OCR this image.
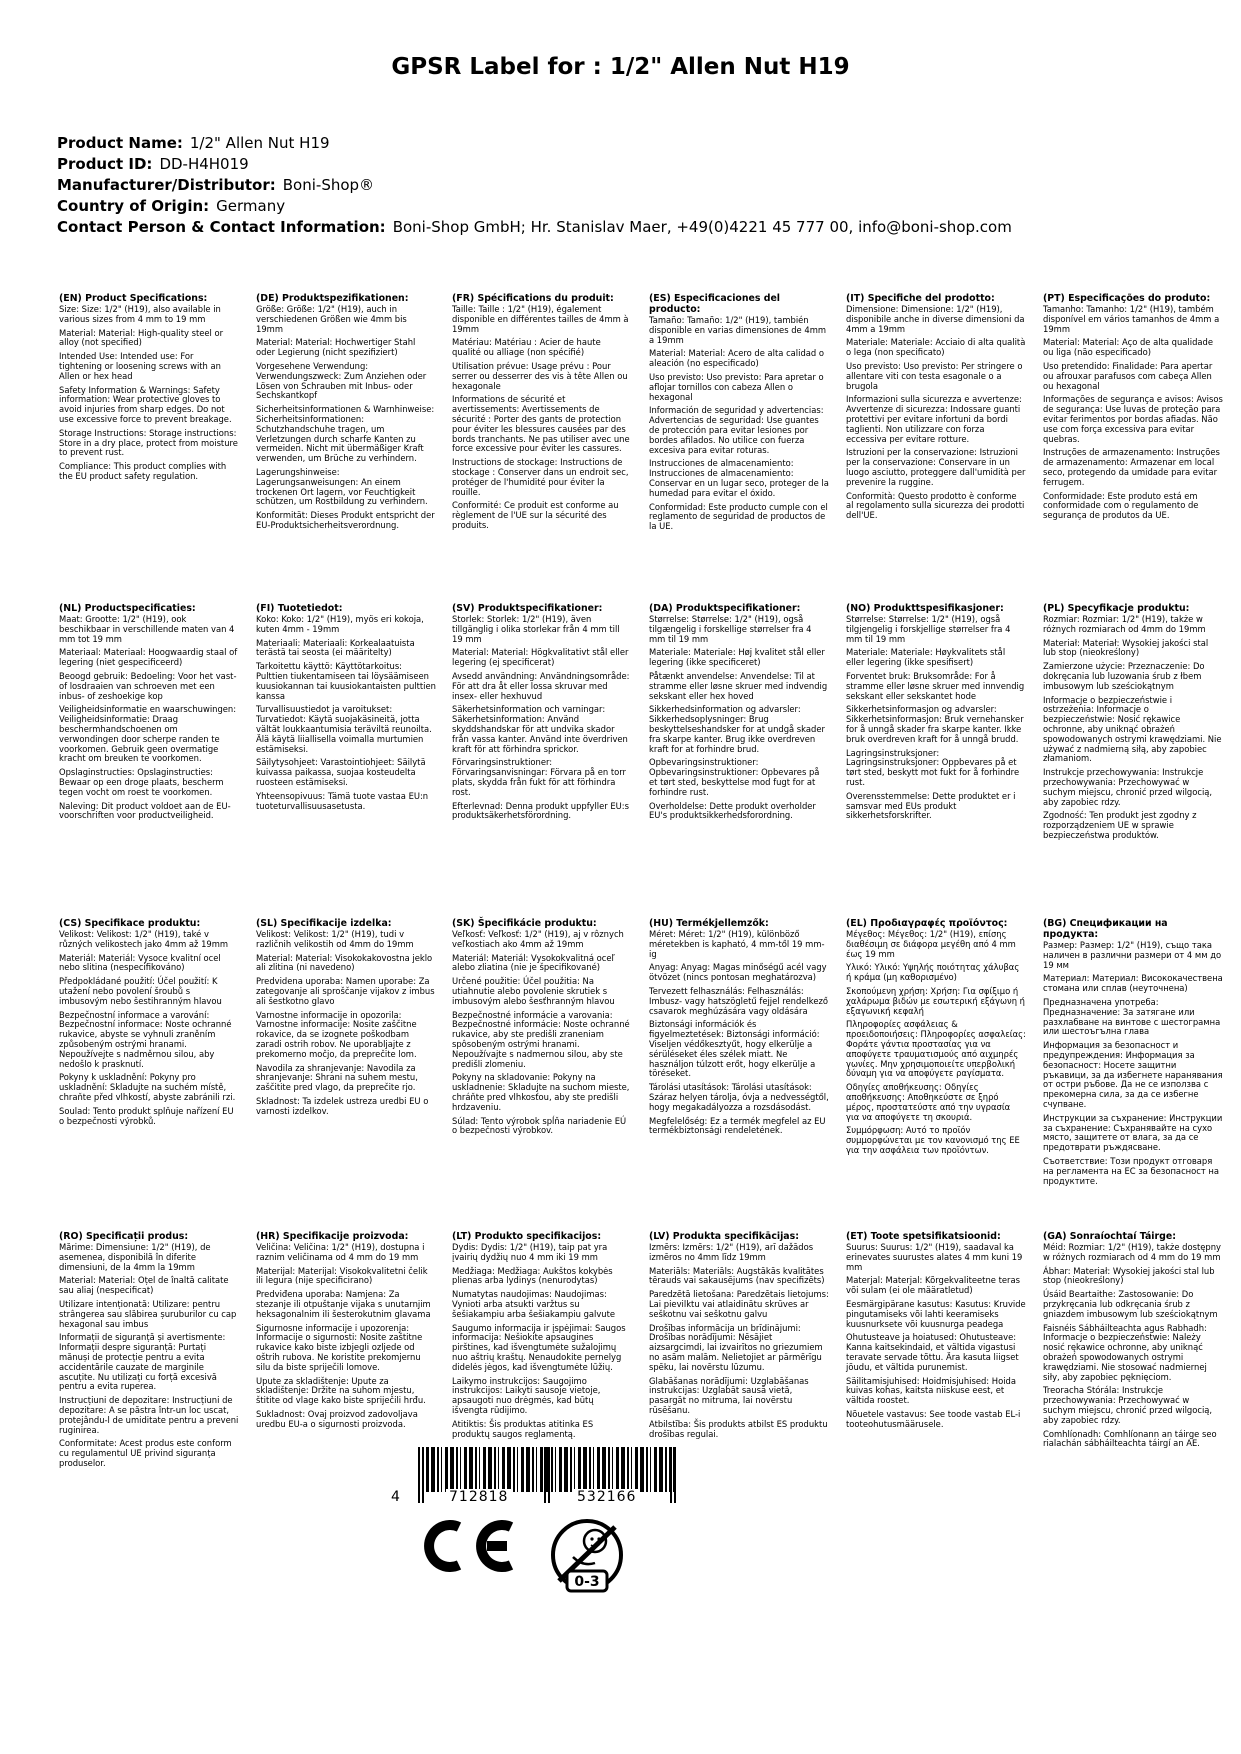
GPSR Label for : 1/2" Allen Nut H19
Product Name: 1/2" Allen Nut H19
Product ID: DD-H4H019
Manufacturer/Distributor: Boni-Shop®
Country of Origin: Germany
Contact Person & Contact Information: Boni-Shop GmbH; Hr. Stanislav Maer, +49(0)4221 45 777 00, info@boni-shop.com
(EN) Product Specifications:

Size: Size: 1/2" (H19), also available in various sizes from 4 mm to 19 mm

Material: Material: High-quality steel or alloy (not specified)

Intended Use: Intended use: For tightening or loosening screws with an Allen or hex head

Safety Information & Warnings: Safety information: Wear protective gloves to avoid injuries from sharp edges. Do not use excessive force to prevent breakage.

Storage Instructions: Storage instructions: Store in a dry place, protect from moisture to prevent rust.

Compliance: This product complies with the EU product safety regulation.

(DE) Produktspezifikationen:

Größe: Größe: 1/2" (H19), auch in verschiedenen Größen wie 4mm bis 19mm

Material: Material: Hochwertiger Stahl oder Legierung (nicht spezifiziert)

Vorgesehene Verwendung: Verwendungszweck: Zum Anziehen oder Lösen von Schrauben mit Inbus- oder Sechskantkopf

Sicherheitsinformationen & Warnhinweise: Sicherheitsinformationen: Schutzhandschuhe tragen, um Verletzungen durch scharfe Kanten zu vermeiden. Nicht mit übermäßiger Kraft verwenden, um Brüche zu verhindern.

Lagerungshinweise: Lagerungsanweisungen: An einem trockenen Ort lagern, vor Feuchtigkeit schützen, um Rostbildung zu verhindern.

Konformität: Dieses Produkt entspricht der EU-Produktsicherheitsverordnung.

(FR) Spécifications du produit:

Taille: Taille : 1/2" (H19), également disponible en différentes tailles de 4mm à 19mm

Matériau: Matériau : Acier de haute qualité ou alliage (non spécifié)

Utilisation prévue: Usage prévu : Pour serrer ou desserrer des vis à tête Allen ou hexagonale

Informations de sécurité et avertissements: Avertissements de sécurité : Porter des gants de protection pour éviter les blessures causées par des bords tranchants. Ne pas utiliser avec une force excessive pour éviter les cassures.

Instructions de stockage: Instructions de stockage : Conserver dans un endroit sec, protéger de l'humidité pour éviter la rouille.

Conformité: Ce produit est conforme au règlement de l'UE sur la sécurité des produits.

(ES) Especificaciones del producto:

Tamaño: Tamaño: 1/2" (H19), también disponible en varias dimensiones de 4mm a 19mm

Material: Material: Acero de alta calidad o aleación (no especificado)

Uso previsto: Uso previsto: Para apretar o aflojar tornillos con cabeza Allen o hexagonal

Información de seguridad y advertencias: Advertencias de seguridad: Use guantes de protección para evitar lesiones por bordes afilados. No utilice con fuerza excesiva para evitar roturas.

Instrucciones de almacenamiento: Instrucciones de almacenamiento: Conservar en un lugar seco, proteger de la humedad para evitar el óxido.

Conformidad: Este producto cumple con el reglamento de seguridad de productos de la UE.

(IT) Specifiche del prodotto:

Dimensione: Dimensione: 1/2" (H19), disponibile anche in diverse dimensioni da 4mm a 19mm

Materiale: Materiale: Acciaio di alta qualità o lega (non specificato)

Uso previsto: Uso previsto: Per stringere o allentare viti con testa esagonale o a brugola

Informazioni sulla sicurezza e avvertenze: Avvertenze di sicurezza: Indossare guanti protettivi per evitare infortuni da bordi taglienti. Non utilizzare con forza eccessiva per evitare rotture.

Istruzioni per la conservazione: Istruzioni per la conservazione: Conservare in un luogo asciutto, proteggere dall'umidità per prevenire la ruggine.

Conformità: Questo prodotto è conforme al regolamento sulla sicurezza dei prodotti dell'UE.

(PT) Especificações do produto:

Tamanho: Tamanho: 1/2" (H19), também disponível em vários tamanhos de 4mm a 19mm

Material: Material: Aço de alta qualidade ou liga (não especificado)

Uso pretendido: Finalidade: Para apertar ou afrouxar parafusos com cabeça Allen ou hexagonal

Informações de segurança e avisos: Avisos de segurança: Use luvas de proteção para evitar ferimentos por bordas afiadas. Não use com força excessiva para evitar quebras.

Instruções de armazenamento: Instruções de armazenamento: Armazenar em local seco, protegendo da umidade para evitar ferrugem.

Conformidade: Este produto está em conformidade com o regulamento de segurança de produtos da UE.

(NL) Productspecificaties:

Maat: Grootte: 1/2" (H19), ook beschikbaar in verschillende maten van 4 mm tot 19 mm

Materiaal: Materiaal: Hoogwaardig staal of legering (niet gespecificeerd)

Beoogd gebruik: Bedoeling: Voor het vast- of losdraaien van schroeven met een inbus- of zeshoekige kop

Veiligheidsinformatie en waarschuwingen: Veiligheidsinformatie: Draag beschermhandschoenen om verwondingen door scherpe randen te voorkomen. Gebruik geen overmatige kracht om breuken te voorkomen.

Opslaginstructies: Opslaginstructies: Bewaar op een droge plaats, bescherm tegen vocht om roest te voorkomen.

Naleving: Dit product voldoet aan de EU-voorschriften voor productveiligheid.

(FI) Tuotetiedot:

Koko: Koko: 1/2" (H19), myös eri kokoja, kuten 4mm - 19mm

Materiaali: Materiaali: Korkealaatuista terästä tai seosta (ei määritelty)

Tarkoitettu käyttö: Käyttötarkoitus: Pulttien tiukentamiseen tai löysäämiseen kuusiokannan tai kuusiokantaisten pulttien kanssa

Turvallisuustiedot ja varoitukset: Turvatiedot: Käytä suojakäsineitä, jotta vältät loukkaantumisia teräviltä reunoilta. Älä käytä liiallisella voimalla murtumien estämiseksi.

Säilytysohjeet: Varastointiohjeet: Säilytä kuivassa paikassa, suojaa kosteudelta ruosteen estämiseksi.

Yhteensopivuus: Tämä tuote vastaa EU:n tuoteturvallisuusasetusta.

(SV) Produktspecifikationer:

Storlek: Storlek: 1/2" (H19), även tillgänglig i olika storlekar från 4 mm till 19 mm

Material: Material: Högkvalitativt stål eller legering (ej specificerat)

Avsedd användning: Användningsområde: För att dra åt eller lossa skruvar med insex- eller hexhuvud

Säkerhetsinformation och varningar: Säkerhetsinformation: Använd skyddshandskar för att undvika skador från vassa kanter. Använd inte överdriven kraft för att förhindra sprickor.

Förvaringsinstruktioner: Förvaringsanvisningar: Förvara på en torr plats, skydda från fukt för att förhindra rost.

Efterlevnad: Denna produkt uppfyller EU:s produktsäkerhetsförordning.

(DA) Produktspecifikationer:

Størrelse: Størrelse: 1/2" (H19), også tilgængelig i forskellige størrelser fra 4 mm til 19 mm

Materiale: Materiale: Høj kvalitet stål eller legering (ikke specificeret)

Påtænkt anvendelse: Anvendelse: Til at stramme eller løsne skruer med indvendig sekskant eller hex hoved

Sikkerhedsinformation og advarsler: Sikkerhedsoplysninger: Brug beskyttelseshandsker for at undgå skader fra skarpe kanter. Brug ikke overdreven kraft for at forhindre brud.

Opbevaringsinstruktioner: Opbevaringsinstruktioner: Opbevares på et tørt sted, beskyttelse mod fugt for at forhindre rust.

Overholdelse: Dette produkt overholder EU's produktsikkerhedsforordning.

(NO) Produkttspesifikasjoner:

Størrelse: Størrelse: 1/2" (H19), også tilgjengelig i forskjellige størrelser fra 4 mm til 19 mm

Materiale: Materiale: Høykvalitets stål eller legering (ikke spesifisert)

Forventet bruk: Bruksområde: For å stramme eller løsne skruer med innvendig sekskant eller sekskantet hode

Sikkerhetsinformasjon og advarsler: Sikkerhetsinformasjon: Bruk vernehansker for å unngå skader fra skarpe kanter. Ikke bruk overdreven kraft for å unngå brudd.

Lagringsinstruksjoner: Lagringsinstruksjoner: Oppbevares på et tørt sted, beskytt mot fukt for å forhindre rust.

Overensstemmelse: Dette produktet er i samsvar med EUs produkt sikkerhetsforskrifter.

(PL) Specyfikacje produktu:

Rozmiar: Rozmiar: 1/2" (H19), także w różnych rozmiarach od 4mm do 19mm

Materiał: Materiał: Wysokiej jakości stal lub stop (nieokreślony)

Zamierzone użycie: Przeznaczenie: Do dokręcania lub luzowania śrub z łbem imbusowym lub sześciokątnym

Informacje o bezpieczeństwie i ostrzeżenia: Informacje o bezpieczeństwie: Nosić rękawice ochronne, aby uniknąć obrażeń spowodowanych ostrymi krawędziami. Nie używać z nadmierną siłą, aby zapobiec złamaniom.

Instrukcje przechowywania: Instrukcje przechowywania: Przechowywać w suchym miejscu, chronić przed wilgocią, aby zapobiec rdzy.

Zgodność: Ten produkt jest zgodny z rozporządzeniem UE w sprawie bezpieczeństwa produktów.

(CS) Specifikace produktu:

Velikost: Velikost: 1/2" (H19), také v různých velikostech jako 4mm až 19mm

Materiál: Materiál: Vysoce kvalitní ocel nebo slitina (nespecifikováno)

Předpokládané použití: Účel použití: K utažení nebo povolení šroubů s imbusovým nebo šestihranným hlavou

Bezpečnostní informace a varování: Bezpečnostní informace: Noste ochranné rukavice, abyste se vyhnuli zraněním způsobeným ostrými hranami. Nepoužívejte s nadměrnou silou, aby nedošlo k prasknutí.

Pokyny k uskladnění: Pokyny pro uskladnění: Skladujte na suchém místě, chraňte před vlhkostí, abyste zabránili rzi.

Soulad: Tento produkt splňuje nařízení EU o bezpečnosti výrobků.

(SL) Specifikacije izdelka:

Velikost: Velikost: 1/2" (H19), tudi v različnih velikostih od 4mm do 19mm

Material: Material: Visokokakovostna jeklo ali zlitina (ni navedeno)

Predvidena uporaba: Namen uporabe: Za zategovanje ali sproščanje vijakov z imbus ali šestkotno glavo

Varnostne informacije in opozorila: Varnostne informacije: Nosite zaščitne rokavice, da se izognete poškodbam zaradi ostrih robov. Ne uporabljajte z prekomerno močjo, da preprečite lom.

Navodila za shranjevanje: Navodila za shranjevanje: Shrani na suhem mestu, zaščitite pred vlago, da preprečite rjo.

Skladnost: Ta izdelek ustreza uredbi EU o varnosti izdelkov.

(SK) Špecifikácie produktu:

Veľkosť: Veľkosť: 1/2" (H19), aj v rôznych veľkostiach ako 4mm až 19mm

Materiál: Materiál: Vysokokvalitná oceľ alebo zliatina (nie je špecifikované)

Určené použitie: Účel použitia: Na utiahnutie alebo povolenie skrutiek s imbusovým alebo šesťhranným hlavou

Bezpečnostné informácie a varovania: Bezpečnostné informácie: Noste ochranné rukavice, aby ste predišli zraneniam spôsobeným ostrými hranami. Nepoužívajte s nadmernou silou, aby ste predišli zlomeniu.

Pokyny na skladovanie: Pokyny na uskladnenie: Skladujte na suchom mieste, chráňte pred vlhkosťou, aby ste predišli hrdzaveniu.

Súlad: Tento výrobok spĺňa nariadenie EÚ o bezpečnosti výrobkov.

(HU) Termékjellemzők:

Méret: Méret: 1/2" (H19), különböző méretekben is kapható, 4 mm-től 19 mm-ig

Anyag: Anyag: Magas minőségű acél vagy ötvözet (nincs pontosan meghatározva)

Tervezett felhasználás: Felhasználás: Imbusz- vagy hatszögletű fejjel rendelkező csavarok meghúzására vagy oldására

Biztonsági információk és figyelmeztetések: Biztonsági információ: Viseljen védőkesztyűt, hogy elkerülje a sérüléseket éles szélek miatt. Ne használjon túlzott erőt, hogy elkerülje a töréseket.

Tárolási utasítások: Tárolási utasítások: Száraz helyen tárolja, óvja a nedvességtől, hogy megakadályozza a rozsdásodást.

Megfelelőség: Ez a termék megfelel az EU termékbiztonsági rendeletének.

(EL) Προδιαγραφές προϊόντος:

Μέγεθος: Μέγεθος: 1/2" (H19), επίσης διαθέσιμη σε διάφορα μεγέθη από 4 mm έως 19 mm

Υλικό: Υλικό: Υψηλής ποιότητας χάλυβας ή κράμα (μη καθορισμένο)

Σκοπούμενη χρήση: Χρήση: Για σφίξιμο ή χαλάρωμα βιδών με εσωτερική εξάγωνη ή εξαγωνική κεφαλή

Πληροφορίες ασφάλειας & προειδοποιήσεις: Πληροφορίες ασφαλείας: Φοράτε γάντια προστασίας για να αποφύγετε τραυματισμούς από αιχμηρές γωνίες. Μην χρησιμοποιείτε υπερβολική δύναμη για να αποφύγετε ραγίσματα.

Οδηγίες αποθήκευσης: Οδηγίες αποθήκευσης: Αποθηκεύστε σε ξηρό μέρος, προστατεύστε από την υγρασία για να αποφύγετε τη σκουριά.

Συμμόρφωση: Αυτό το προϊόν συμμορφώνεται με τον κανονισμό της ΕΕ για την ασφάλεια των προϊόντων.

(BG) Спецификации на продукта:

Размер: Размер: 1/2" (H19), също така наличен в различни размери от 4 мм до 19 мм

Материал: Материал: Висококачествена стомана или сплав (неуточнена)

Предназначена употреба: Предназначение: За затягане или разхлабване на винтове с шестограмна или шестоъгълна глава

Информация за безопасност и предупреждения: Информация за безопасност: Носете защитни ръкавици, за да избегнете наранявания от остри ръбове. Да не се използва с прекомерна сила, за да се избегне счупване.

Инструкции за съхранение: Инструкции за съхранение: Съхранявайте на сухо място, защитете от влага, за да се предотврати ръждясване.

Съответствие: Този продукт отговаря на регламента на ЕС за безопасност на продуктите.

(RO) Specificații produs:

Mărime: Dimensiune: 1/2" (H19), de asemenea, disponibilă în diferite dimensiuni, de la 4mm la 19mm

Material: Material: Oțel de înaltă calitate sau aliaj (nespecificat)

Utilizare intenționată: Utilizare: pentru strângerea sau slăbirea șuruburilor cu cap hexagonal sau imbus

Informații de siguranță și avertismente: Informații despre siguranță: Purtați mănuși de protecție pentru a evita accidentările cauzate de marginile ascuțite. Nu utilizați cu forță excesivă pentru a evita ruperea.

Instrucțiuni de depozitare: Instrucțiuni de depozitare: A se păstra într-un loc uscat, protejându-l de umiditate pentru a preveni ruginirea.

Conformitate: Acest produs este conform cu regulamentul UE privind siguranța produselor.

(HR) Specifikacije proizvoda:

Veličina: Veličina: 1/2" (H19), dostupna i raznim veličinama od 4 mm do 19 mm

Materijal: Materijal: Visokokvalitetni čelik ili legura (nije specificirano)

Predviđena uporaba: Namjena: Za stezanje ili otpuštanje vijaka s unutarnjim heksagonalnim ili šesterokutnim glavama

Sigurnosne informacije i upozorenja: Informacije o sigurnosti: Nosite zaštitne rukavice kako biste izbjegli ozljede od oštrih rubova. Ne koristite prekomjernu silu da biste spriječili lomove.

Upute za skladištenje: Upute za skladištenje: Držite na suhom mjestu, štitite od vlage kako biste spriječili hrđu.

Sukladnost: Ovaj proizvod zadovoljava uredbu EU-a o sigurnosti proizvoda.

(LT) Produkto specifikacijos:

Dydis: Dydis: 1/2" (H19), taip pat yra įvairių dydžių nuo 4 mm iki 19 mm

Medžiaga: Medžiaga: Aukštos kokybės plienas arba lydinys (nenurodytas)

Numatytas naudojimas: Naudojimas: Vynioti arba atsukti varžtus su šešiakampiu arba šešiakampiu galvute

Saugumo informacija ir įspėjimai: Saugos informacija: Nešiokite apsaugines pirštines, kad išvengtumėte sužalojimų nuo aštrių kraštų. Nenaudokite pernelyg didelės jėgos, kad išvengtumėte lūžių.

Laikymo instrukcijos: Saugojimo instrukcijos: Laikyti sausoje vietoje, apsaugoti nuo drėgmės, kad būtų išvengta rūdijimo.

Atitiktis: Šis produktas atitinka ES produktų saugos reglamentą.

(LV) Produkta specifikācijas:

Izmērs: Izmērs: 1/2" (H19), arī dažādos izmēros no 4mm līdz 19mm

Materiāls: Materiāls: Augstākās kvalitātes tērauds vai sakausējums (nav specifizēts)

Paredzētā lietošana: Paredzētais lietojums: Lai pievilktu vai atlaidinātu skrūves ar seškotnu vai seškotnu galvu

Drošības informācija un brīdinājumi: Drošības norādījumi: Nēsājiet aizsargcimdi, lai izvairītos no griezumiem no asām malām. Nelietojiet ar pārmērīgu spēku, lai novērstu lūzumu.

Glabāšanas norādījumi: Uzglabāšanas instrukcijas: Uzglabāt sausā vietā, pasargāt no mitruma, lai novērstu rūsēšanu.

Atbilstība: Šis produkts atbilst ES produktu drošības regulai.

(ET) Toote spetsifikatsioonid:

Suurus: Suurus: 1/2" (H19), saadaval ka erinevates suurustes alates 4 mm kuni 19 mm

Materjal: Materjal: Kõrgekvaliteetne teras või sulam (ei ole määratletud)

Eesmärgipärane kasutus: Kasutus: Kruvide pingutamiseks või lahti keeramiseks kuusnurksete või kuusnurga peadega

Ohutusteave ja hoiatused: Ohutusteave: Kanna kaitsekindaid, et vältida vigastusi teravate servade tõttu. Ära kasuta liigset jõudu, et vältida purunemist.

Säilitamisjuhised: Hoidmisjuhised: Hoida kuivas kohas, kaitsta niiskuse eest, et vältida roostet.

Nõuetele vastavus: See toode vastab EL-i tooteohutusmäärusele.

(GA) Sonraíochtaí Táirge:

Méid: Rozmiar: 1/2" (H19), także dostępny w różnych rozmiarach od 4 mm do 19 mm

Ábhar: Materiał: Wysokiej jakości stal lub stop (nieokreślony)

Úsáid Beartaithe: Zastosowanie: Do przykręcania lub odkręcania śrub z gniazdem imbusowym lub sześciokątnym

Faisnéis Sábháilteachta agus Rabhadh: Informacje o bezpieczeństwie: Należy nosić rękawice ochronne, aby uniknąć obrażeń spowodowanych ostrymi krawędziami. Nie stosować nadmiernej siły, aby zapobiec pęknięciom.

Treoracha Stórála: Instrukcje przechowywania: Przechowywać w suchym miejscu, chronić przed wilgocią, aby zapobiec rdzy.

Comhlíonadh: Comhlíonann an táirge seo rialachán sábháilteachta táirgí an AE.

4	712818	532166
0-3
